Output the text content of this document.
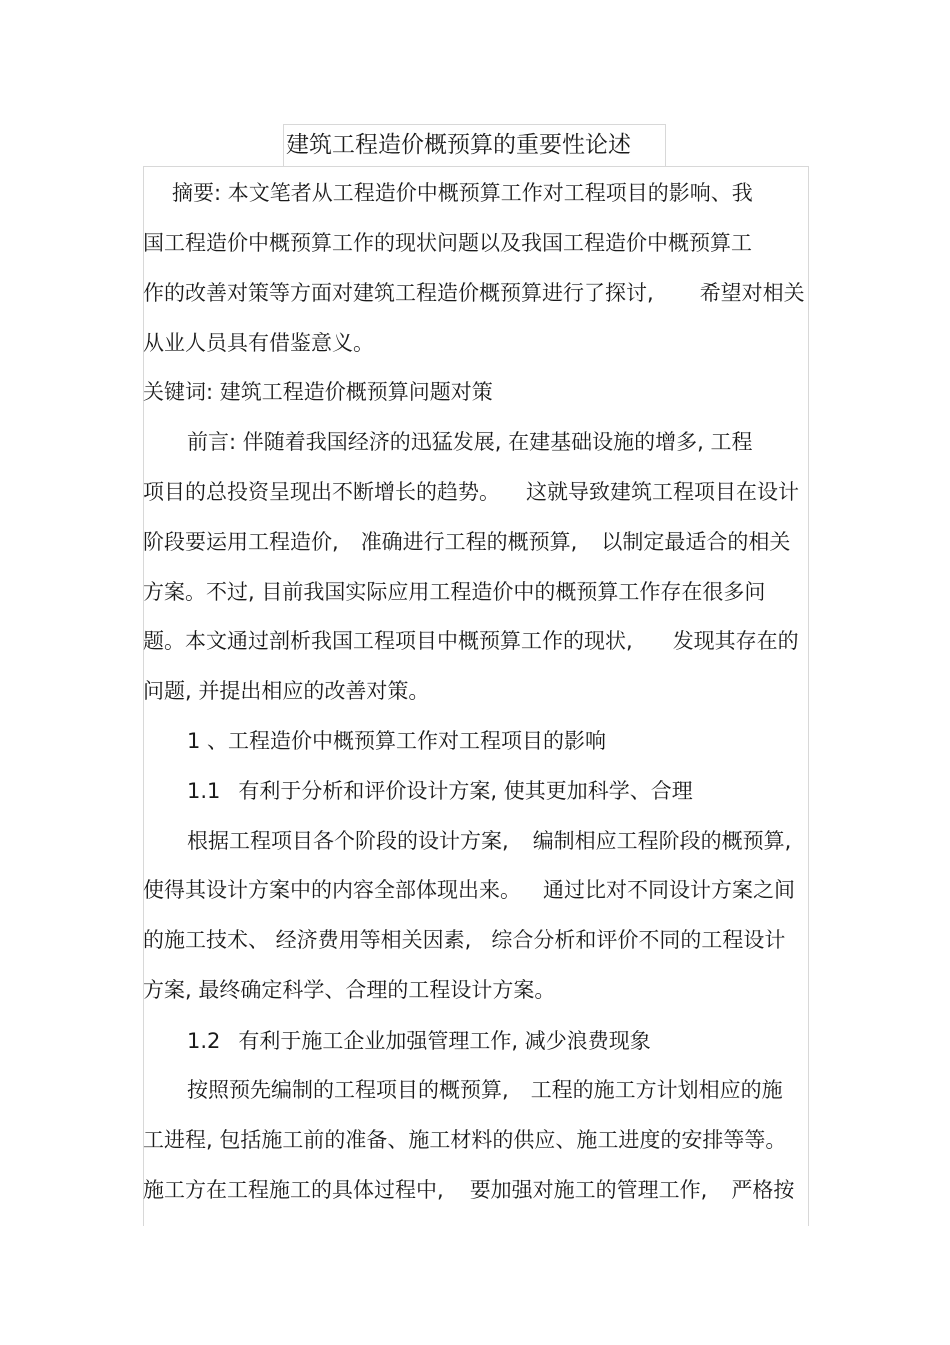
建筑工程造价概预算的重要性论述
摘要: 本文笔者从工程造价中概预算工作对工程项目的影响、我
国工程造价中概预算工作的现状问题以及我国工程造价中概预算工
作的改善对策等方面对建筑工程造价概预算进行了探讨, 希望对相关
从业人员具有借鉴意义。
关键词: 建筑工程造价概预算问题对策
前言: 伴随着我国经济的迅猛发展, 在建基础设施的增多, 工程
项目的总投资呈现出不断增长的趋势。 这就导致建筑工程项目在设计
阶段要运用工程造价, 准确进行工程的概预算, 以制定最适合的相关
方案。不过, 目前我国实际应用工程造价中的概预算工作存在很多问
题。本文通过剖析我国工程项目中概预算工作的现状, 发现其存在的
问题, 并提出相应的改善对策。
1 、工程造价中概预算工作对工程项目的影响
1.1 有利于分析和评价设计方案, 使其更加科学、合理
根据工程项目各个阶段的设计方案, 编制相应工程阶段的概预算,
使得其设计方案中的内容全部体现出来。 通过比对不同设计方案之间
的施工技术、 经济费用等相关因素, 综合分析和评价不同的工程设计
方案, 最终确定科学、合理的工程设计方案。
1.2 有利于施工企业加强管理工作, 减少浪费现象
按照预先编制的工程项目的概预算, 工程的施工方计划相应的施
工进程, 包括施工前的准备、施工材料的供应、施工进度的安排等等。
施工方在工程施工的具体过程中, 要加强对施工的管理工作, 严格按
